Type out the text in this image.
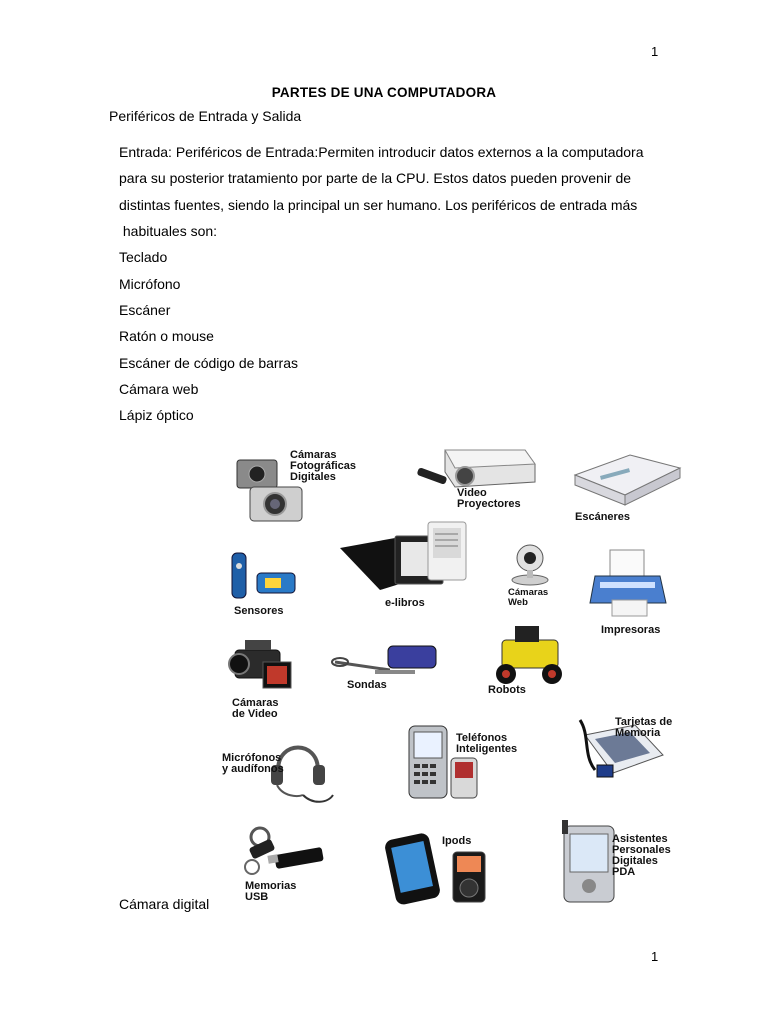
1
PARTES DE UNA COMPUTADORA
Periféricos de Entrada y Salida
Entrada: Periféricos de Entrada:Permiten introducir datos externos a la computadora
para su posterior tratamiento por parte de la CPU. Estos datos pueden provenir de
distintas fuentes, siendo la principal un ser humano. Los periféricos de entrada más
habituales son:
Teclado
Micrófono
Escáner
Ratón o mouse
Escáner de código de barras
Cámara web
Lápiz óptico
Cámaras
Fotográficas
Digitales
Video
Proyectores
Escáneres
Sensores
e-libros
Cámaras
Web
Impresoras
Cámaras
de Video
Sondas	Robots
Teléfonos
Inteligentes
Tarjetas de
Memoria
Micrófonos
y audífonos
Memorias
USB
Ipods	Asistentes
Personales
Digitales
PDA
Cámara digital
1
